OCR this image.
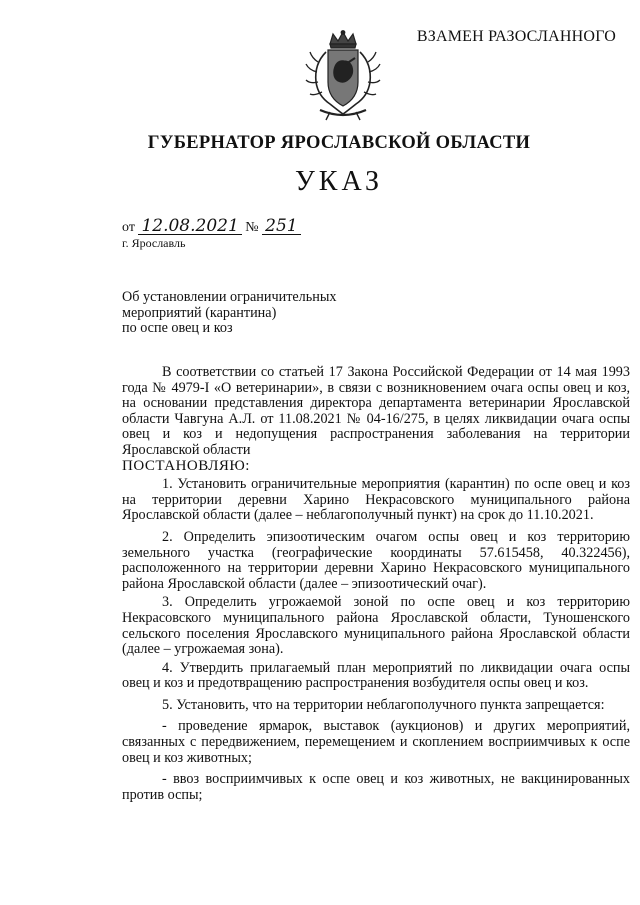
ВЗАМЕН РАЗОСЛАННОГО
ГУБЕРНАТОР ЯРОСЛАВСКОЙ ОБЛАСТИ
УКАЗ
от 12.08.2021 № 251
г. Ярославль
Об установлении ограничительных
мероприятий (карантина)
по оспе овец и коз

В соответствии со статьей 17 Закона Российской Федерации от 14 мая 1993 года № 4979-I «О ветеринарии», в связи с возникновением очага оспы овец и коз, на основании представления директора департамента ветеринарии Ярославской области Чавгуна А.Л. от 11.08.2021 № 04-16/275, в целях ликвидации очага оспы овец и коз и недопущения распространения заболевания на территории Ярославской области

ПОСТАНОВЛЯЮ:

1. Установить ограничительные мероприятия (карантин) по оспе овец и коз на территории деревни Харино Некрасовского муниципального района Ярославской области (далее – неблагополучный пункт) на срок до 11.10.2021.

2. Определить эпизоотическим очагом оспы овец и коз территорию земельного участка (географические координаты 57.615458, 40.322456), расположенного на территории деревни Харино Некрасовского муниципального района Ярославской области (далее – эпизоотический очаг).

3. Определить угрожаемой зоной по оспе овец и коз территорию Некрасовского муниципального района Ярославской области, Туношенского сельского поселения Ярославского муниципального района Ярославской области (далее – угрожаемая зона).

4. Утвердить прилагаемый план мероприятий по ликвидации очага оспы овец и коз и предотвращению распространения возбудителя оспы овец и коз.

5. Установить, что на территории неблагополучного пункта запрещается:

- проведение ярмарок, выставок (аукционов) и других мероприятий, связанных с передвижением, перемещением и скоплением восприимчивых к оспе овец и коз животных;

- ввоз восприимчивых к оспе овец и коз животных, не вакцинированных против оспы;
